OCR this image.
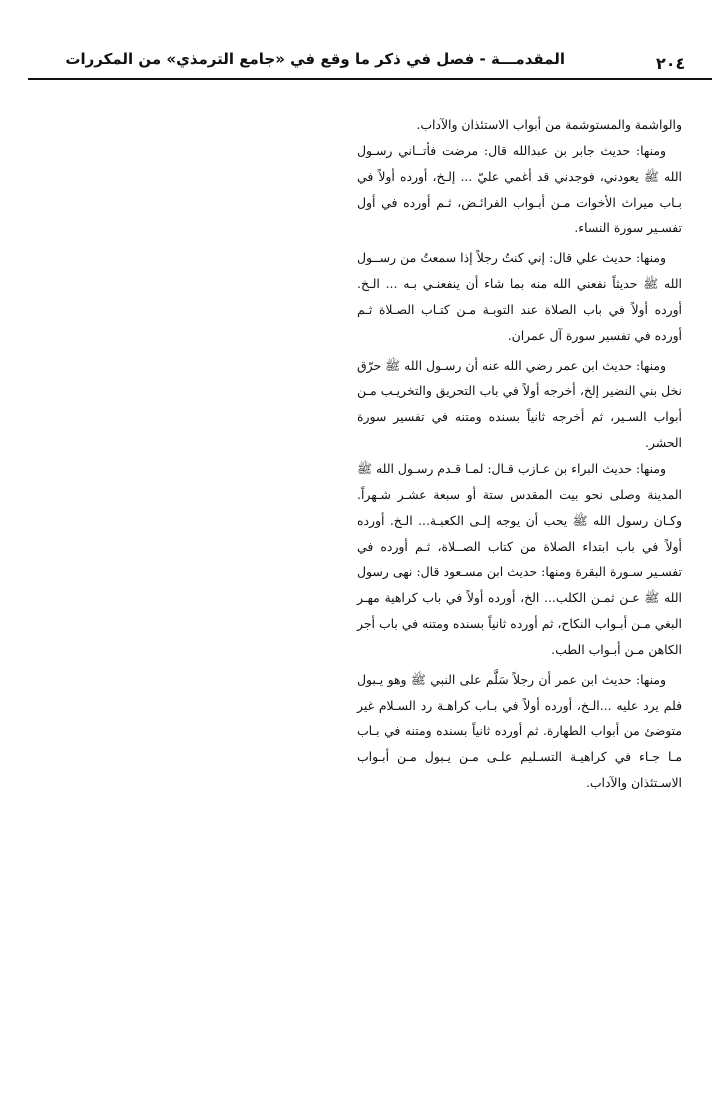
٢٠٤
المقدمـــة - فصل في ذكر ما وقع في «جامع الترمذي» من المكررات

والواشمة والمستوشمة من أبواب الاستئذان والآداب.

ومنها: حديث جابر بن عبدالله قال: مرضت فأتــاني رسـول الله ﷺ يعودني، فوجدني قد أغمي عليّ ... إلـخ، أورده أولاً في بـاب ميراث الأخوات مـن أبـواب الفرائـض، ثـم أورده في أول تفسـير سورة النساء.

ومنها: حديث علي قال: إني كنتُ رجلاً إذا سمعتُ من رســول الله ﷺ حديثاً نفعني الله منه بما شاء أن ينفعنـي بـه ... الـخ. أورده أولاً في باب الصلاة عند التوبـة مـن كتـاب الصـلاة ثـم أورده في تفسير سورة آل عمران.

ومنها: حديث ابن عمر رضي الله عنه أن رسـول الله ﷺ حرّق نخل بني النضير إلخ، أخرجه أولاً في باب التحريق والتخريـب مـن أبواب السـير، ثم أخرجه ثانياً بسنده ومتنه في تفسير سورة الحشر.

ومنها: حديث البراء بن عـازب قـال: لمـا قـدم رسـول الله ﷺ المدينة وصلى نحو بيت المقدس ستة أو سبعة عشـر شـهراً. وكـان رسول الله ﷺ يحب أن يوجه إلـى الكعبـة... الـخ. أورده أولاً في باب ابتداء الصلاة من كتاب الصــلاة، ثـم أورده في تفسـير سـورة البقرة ومنها: حديث ابن مسـعود قال: نهى رسول الله ﷺ عـن ثمـن الكلب... الخ، أورده أولاً في باب كراهية مهـر البغي مـن أبـواب النكاح، ثم أورده ثانياً بسنده ومتنه في باب أجر الكاهن مـن أبـواب الطب.

ومنها: حديث ابن عمر أن رجلاً سَلَّم على النبي ﷺ وهو يـبول فلم يرد عليه ...الـخ، أورده أولاً في بـاب كراهـة رد السـلام غير متوضئ من أبواب الطهارة. ثم أورده ثانياً بسنده ومتنه في بـاب مـا جـاء في كراهيـة التسـليم علـى مـن يـبول مـن أبـواب الاسـتئذان والآداب.
